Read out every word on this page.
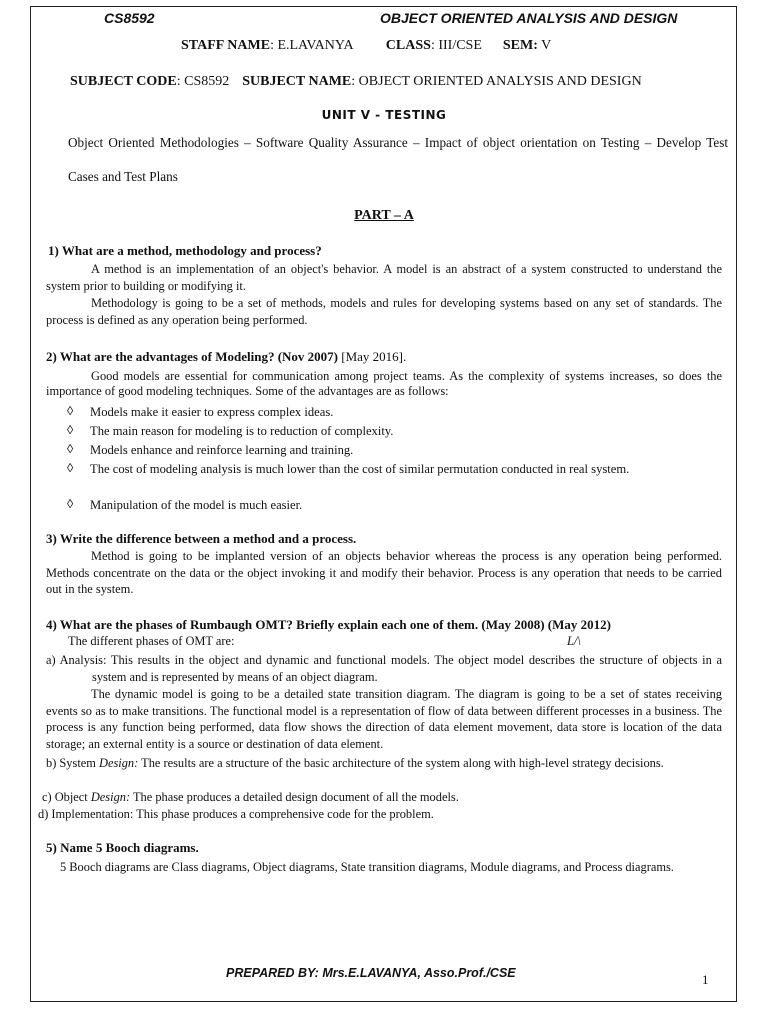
CS8592	OBJECT ORIENTED ANALYSIS AND DESIGN
STAFF NAME: E.LAVANYA CLASS: III/CSE SEM: V
SUBJECT CODE: CS8592 SUBJECT NAME: OBJECT ORIENTED ANALYSIS AND DESIGN
UNIT V - TESTING
Object Oriented Methodologies – Software Quality Assurance – Impact of object orientation on Testing – Develop Test Cases and Test Plans
PART – A
1) What are a method, methodology and process?
A method is an implementation of an object's behavior. A model is an abstract of a system constructed to understand the system prior to building or modifying it.
Methodology is going to be a set of methods, models and rules for developing systems based on any set of standards. The process is defined as any operation being performed.
2) What are the advantages of Modeling? (Nov 2007) [May 2016].
Good models are essential for communication among project teams. As the complexity of systems increases, so does the importance of good modeling techniques. Some of the advantages are as follows:
◊ Models make it easier to express complex ideas.
◊ The main reason for modeling is to reduction of complexity.
◊ Models enhance and reinforce learning and training.
◊ The cost of modeling analysis is much lower than the cost of similar permutation conducted in real system.
◊ Manipulation of the model is much easier.
3) Write the difference between a method and a process.
Method is going to be implanted version of an objects behavior whereas the process is any operation being performed. Methods concentrate on the data or the object invoking it and modify their behavior. Process is any operation that needs to be carried out in the system.
4) What are the phases of Rumbaugh OMT? Briefly explain each one of them. (May 2008) (May 2012)
The different phases of OMT are:	L/\
a) Analysis: This results in the object and dynamic and functional models. The object model describes the structure of objects in a system and is represented by means of an object diagram.
The dynamic model is going to be a detailed state transition diagram. The diagram is going to be a set of states receiving events so as to make transitions. The functional model is a representation of flow of data between different processes in a business. The process is any function being performed, data flow shows the direction of data element movement, data store is location of the data storage; an external entity is a source or destination of data element.
b) System Design: The results are a structure of the basic architecture of the system along with high-level strategy decisions.
c) Object Design: The phase produces a detailed design document of all the models.
d) Implementation: This phase produces a comprehensive code for the problem.
5) Name 5 Booch diagrams.
5 Booch diagrams are Class diagrams, Object diagrams, State transition diagrams, Module diagrams, and Process diagrams.
PREPARED BY: Mrs.E.LAVANYA, Asso.Prof./CSE	1
